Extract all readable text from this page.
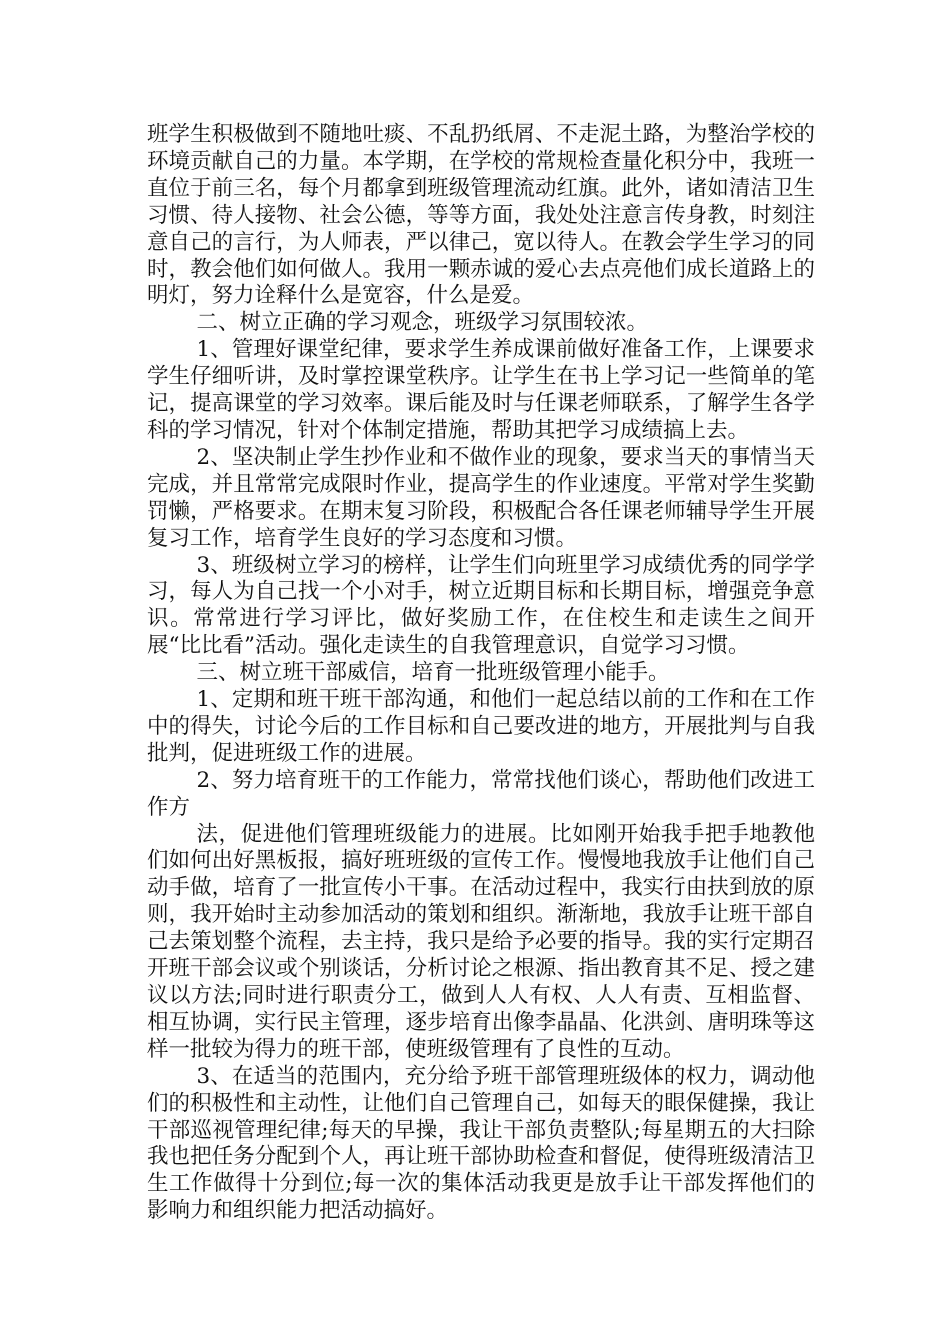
班学生积极做到不随地吐痰、不乱扔纸屑、不走泥土路，为整治学校的环境贡献自己的力量。本学期，在学校的常规检查量化积分中，我班一直位于前三名，每个月都拿到班级管理流动红旗。此外，诸如清洁卫生习惯、待人接物、社会公德，等等方面，我处处注意言传身教，时刻注意自己的言行，为人师表，严以律己，宽以待人。在教会学生学习的同时，教会他们如何做人。我用一颗赤诚的爱心去点亮他们成长道路上的明灯，努力诠释什么是宽容，什么是爱。

二、树立正确的学习观念，班级学习氛围较浓。

1、管理好课堂纪律，要求学生养成课前做好准备工作，上课要求学生仔细听讲，及时掌控课堂秩序。让学生在书上学习记一些简单的笔记，提高课堂的学习效率。课后能及时与任课老师联系，了解学生各学科的学习情况，针对个体制定措施，帮助其把学习成绩搞上去。

2、坚决制止学生抄作业和不做作业的现象，要求当天的事情当天完成，并且常常完成限时作业，提高学生的作业速度。平常对学生奖勤罚懒，严格要求。在期末复习阶段，积极配合各任课老师辅导学生开展复习工作，培育学生良好的学习态度和习惯。

3、班级树立学习的榜样，让学生们向班里学习成绩优秀的同学学习，每人为自己找一个小对手，树立近期目标和长期目标，增强竞争意识。常常进行学习评比，做好奖励工作，在住校生和走读生之间开展“比比看”活动。强化走读生的自我管理意识，自觉学习习惯。

三、树立班干部威信，培育一批班级管理小能手。

1、定期和班干班干部沟通，和他们一起总结以前的工作和在工作中的得失，讨论今后的工作目标和自己要改进的地方，开展批判与自我批判，促进班级工作的进展。

2、努力培育班干的工作能力，常常找他们谈心，帮助他们改进工作方

法，促进他们管理班级能力的进展。比如刚开始我手把手地教他们如何出好黑板报，搞好班班级的宣传工作。慢慢地我放手让他们自己动手做，培育了一批宣传小干事。在活动过程中，我实行由扶到放的原则，我开始时主动参加活动的策划和组织。渐渐地，我放手让班干部自己去策划整个流程，去主持，我只是给予必要的指导。我的实行定期召开班干部会议或个别谈话，分析讨论之根源、指出教育其不足、授之建议以方法;同时进行职责分工，做到人人有权、人人有责、互相监督、相互协调，实行民主管理，逐步培育出像李晶晶、化洪剑、唐明珠等这样一批较为得力的班干部，使班级管理有了良性的互动。

3、在适当的范围内，充分给予班干部管理班级体的权力，调动他们的积极性和主动性，让他们自己管理自己，如每天的眼保健操，我让干部巡视管理纪律;每天的早操，我让干部负责整队;每星期五的大扫除我也把任务分配到个人，再让班干部协助检查和督促，使得班级清洁卫生工作做得十分到位;每一次的集体活动我更是放手让干部发挥他们的影响力和组织能力把活动搞好。
